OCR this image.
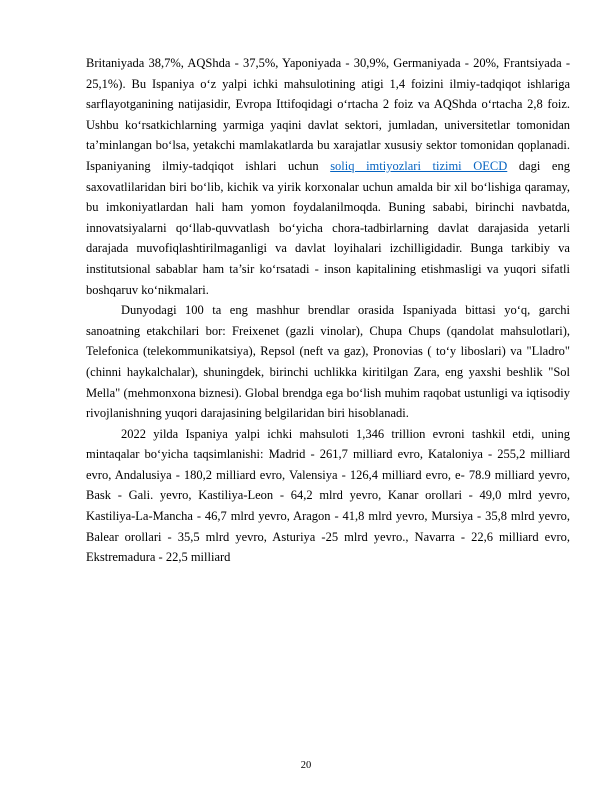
Britaniyada 38,7%, AQShda - 37,5%, Yaponiyada - 30,9%, Germaniyada - 20%, Frantsiyada - 25,1%). Bu Ispaniya o‘z yalpi ichki mahsulotining atigi 1,4 foizini ilmiy-tadqiqot ishlariga sarflayotganining natijasidir, Evropa Ittifoqidagi o‘rtacha 2 foiz va AQShda o‘rtacha 2,8 foiz. Ushbu ko‘rsatkichlarning yarmiga yaqini davlat sektori, jumladan, universitetlar tomonidan ta’minlangan bo‘lsa, yetakchi mamlakatlarda bu xarajatlar xususiy sektor tomonidan qoplanadi. Ispaniyaning ilmiy-tadqiqot ishlari uchun soliq imtiyozlari tizimi OECD dagi eng saxovatlilaridan biri bo‘lib, kichik va yirik korxonalar uchun amalda bir xil bo‘lishiga qaramay, bu imkoniyatlardan hali ham yomon foydalanilmoqda. Buning sababi, birinchi navbatda, innovatsiyalarni qo‘llab-quvvatlash bo‘yicha chora-tadbirlarning davlat darajasida yetarli darajada muvofiqlashtirilmaganligi va davlat loyihalari izchilligidadir. Bunga tarkibiy va institutsional sabablar ham ta’sir ko‘rsatadi - inson kapitalining etishmasligi va yuqori sifatli boshqaruv ko‘nikmalari.

Dunyodagi 100 ta eng mashhur brendlar orasida Ispaniyada bittasi yo‘q, garchi sanoatning etakchilari bor: Freixenet (gazli vinolar), Chupa Chups (qandolat mahsulotlari), Telefonica (telekommunikatsiya), Repsol (neft va gaz), Pronovias ( to‘y liboslari) va "Lladro" (chinni haykalchalar), shuningdek, birinchi uchlikka kiritilgan Zara, eng yaxshi beshlik "Sol Mella" (mehmonxona biznesi). Global brendga ega bo‘lish muhim raqobat ustunligi va iqtisodiy rivojlanishning yuqori darajasining belgilaridan biri hisoblanadi.

2022 yilda Ispaniya yalpi ichki mahsuloti 1,346 trillion evroni tashkil etdi, uning mintaqalar bo‘yicha taqsimlanishi: Madrid - 261,7 milliard evro, Kataloniya - 255,2 milliard evro, Andalusiya - 180,2 milliard evro, Valensiya - 126,4 milliard evro, e- 78.9 milliard yevro, Bask - Gali. yevro, Kastiliya-Leon - 64,2 mlrd yevro, Kanar orollari - 49,0 mlrd yevro, Kastiliya-La-Mancha - 46,7 mlrd yevro, Aragon - 41,8 mlrd yevro, Mursiya - 35,8 mlrd yevro, Balear orollari - 35,5 mlrd yevro, Asturiya -25 mlrd yevro., Navarra - 22,6 milliard evro, Ekstremadura - 22,5 milliard

20
